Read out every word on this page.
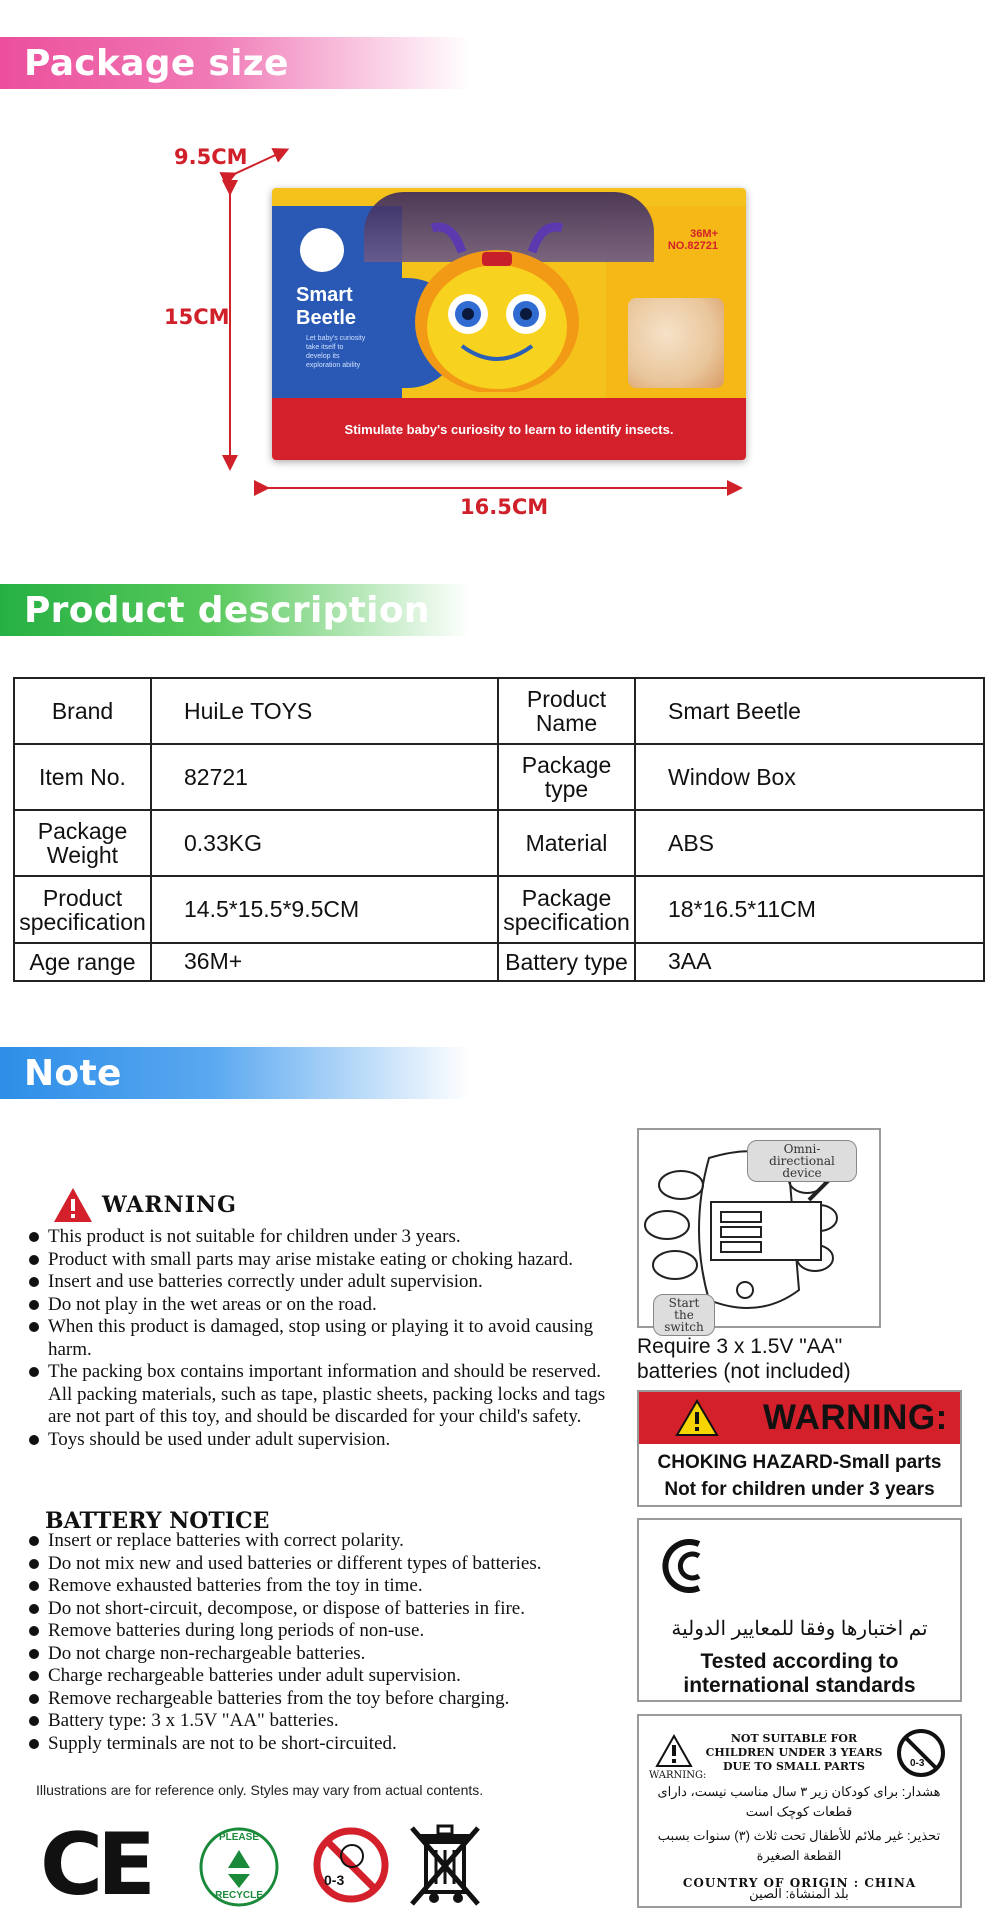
Package size
9.5CM
15CM
16.5CM
Smart Beetle
Let baby's curiosity take itself to develop its exploration ability
36M+
NO.82721
Stimulate baby's curiosity to learn to identify insects.
Product description
Brand	HuiLe TOYS	Product Name	Smart Beetle
Item No.	82721	Package type	Window Box
Package Weight	0.33KG	Material	ABS
Product specification	14.5*15.5*9.5CM	Package specification	18*16.5*11CM
Age range	36M+	Battery type	3AA
Note
WARNING
This product is not suitable for children under 3 years.
Product with small parts may arise mistake eating or choking hazard.
Insert and use batteries correctly under adult supervision.
Do not play in the wet areas or on the road.
When this product is damaged, stop using or playing it to avoid causing harm.
The packing box contains important information and should be reserved. All packing materials, such as tape, plastic sheets, packing locks and tags are not part of this toy, and should be discarded for your child's safety.
Toys should be used under adult supervision.
BATTERY NOTICE
Insert or replace batteries with correct polarity.
Do not mix new and used batteries or different types of batteries.
Remove exhausted batteries from the toy in time.
Do not short-circuit, decompose, or dispose of batteries in fire.
Remove batteries during long periods of non-use.
Do not charge non-rechargeable batteries.
Charge rechargeable batteries under adult supervision.
Remove rechargeable batteries from the toy before charging.
Battery type: 3 x 1.5V "AA" batteries.
Supply terminals are not to be short-circuited.
Illustrations are for reference only. Styles may vary from actual contents.
Omni-directional device
Start the switch
Require 3 x 1.5V "AA"
batteries (not included)
WARNING:
CHOKING HAZARD-Small parts
Not for children under 3 years
تم اختبارها وفقا للمعايير الدولية
Tested according to international standards
WARNING:
NOT SUITABLE FOR
CHILDREN UNDER 3 YEARS
DUE TO SMALL PARTS	0-3
هشدار: برای کودکان زیر ۳ سال مناسب نیست، دارای قطعات کوچک است
تحذير: غير ملائم للأطفال تحت ثلاث (٣) سنوات بسبب القطعة الصغيرة
COUNTRY OF ORIGIN : CHINA
بلد المنشأة: الصين
CE	PLEASE
RECYCLE
0-3
